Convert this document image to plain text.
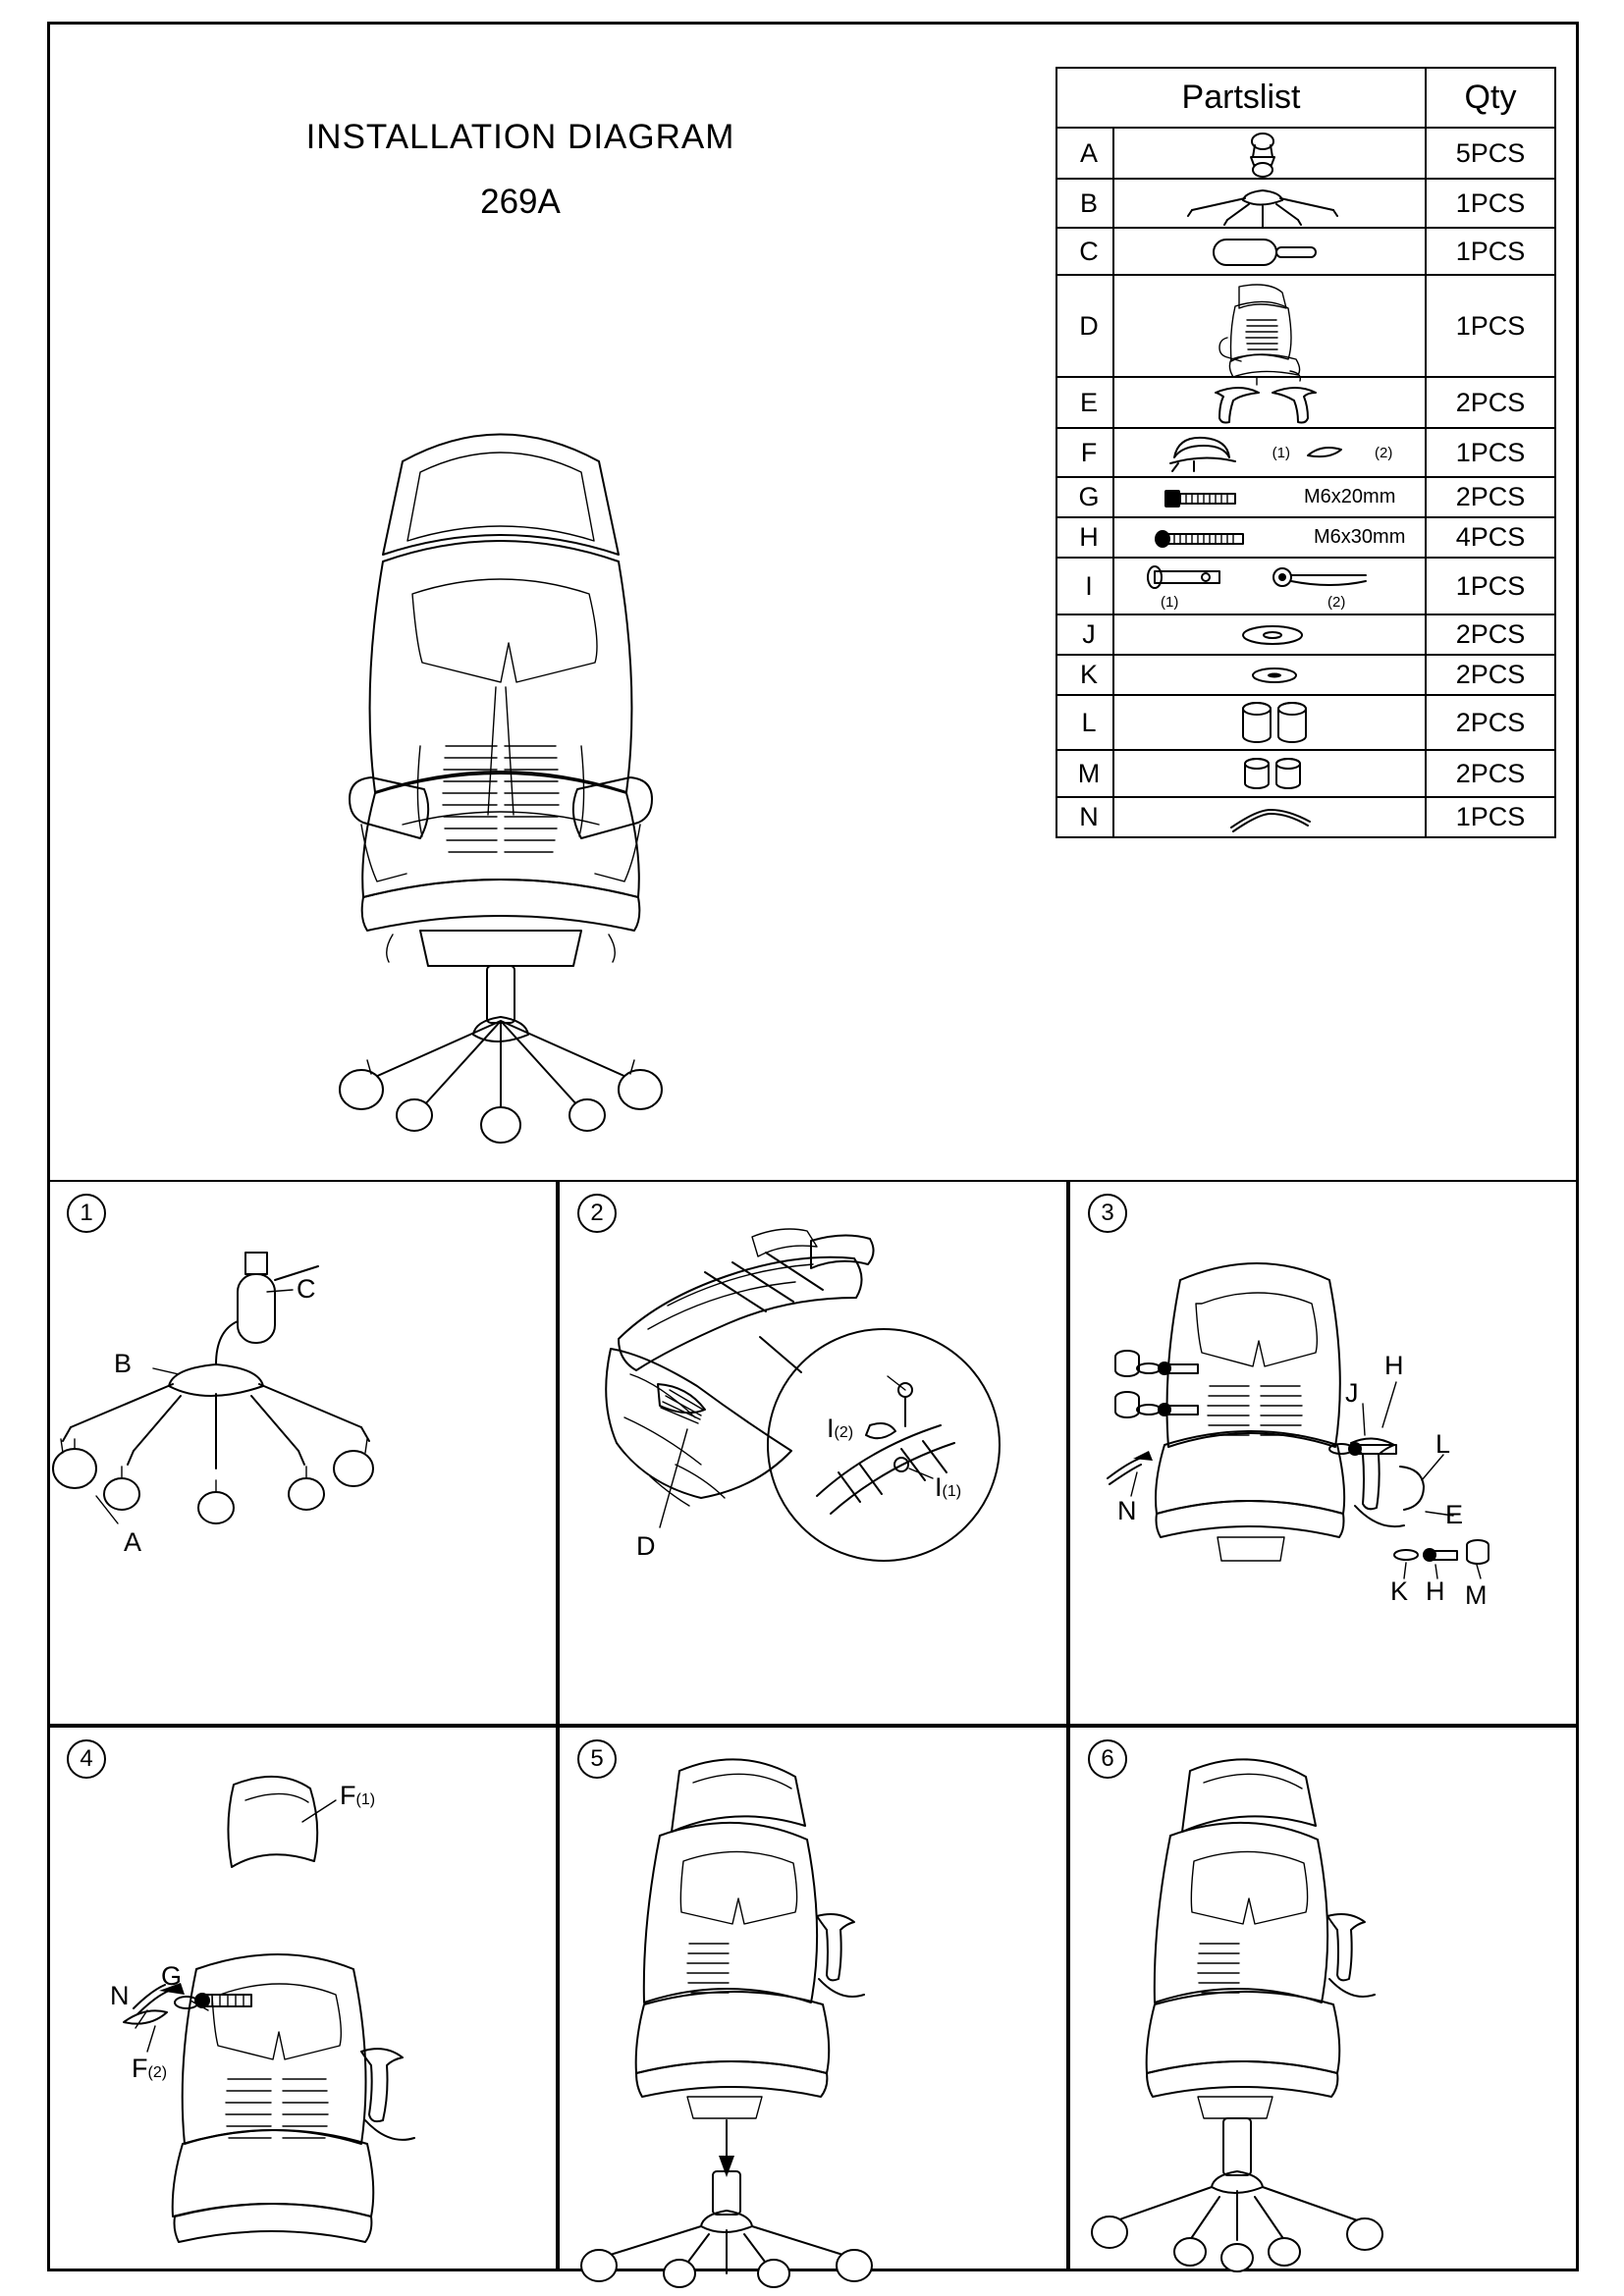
INSTALLATION DIAGRAM
269A
Partslist		Qty
A		5PCS
B		1PCS
C		1PCS
D		1PCS
E		2PCS
F	(1) (2)	1PCS
G	M6x20mm	2PCS
H	M6x30mm	4PCS
I	(1) (2)	1PCS
J		2PCS
K		2PCS
L		2PCS
M		2PCS
N		1PCS
1
B
C
A
2
D
I(2)
I(1)
3
H
J
L
E
N
K H M
4
F(1)
G
N
F(2)
5	6
